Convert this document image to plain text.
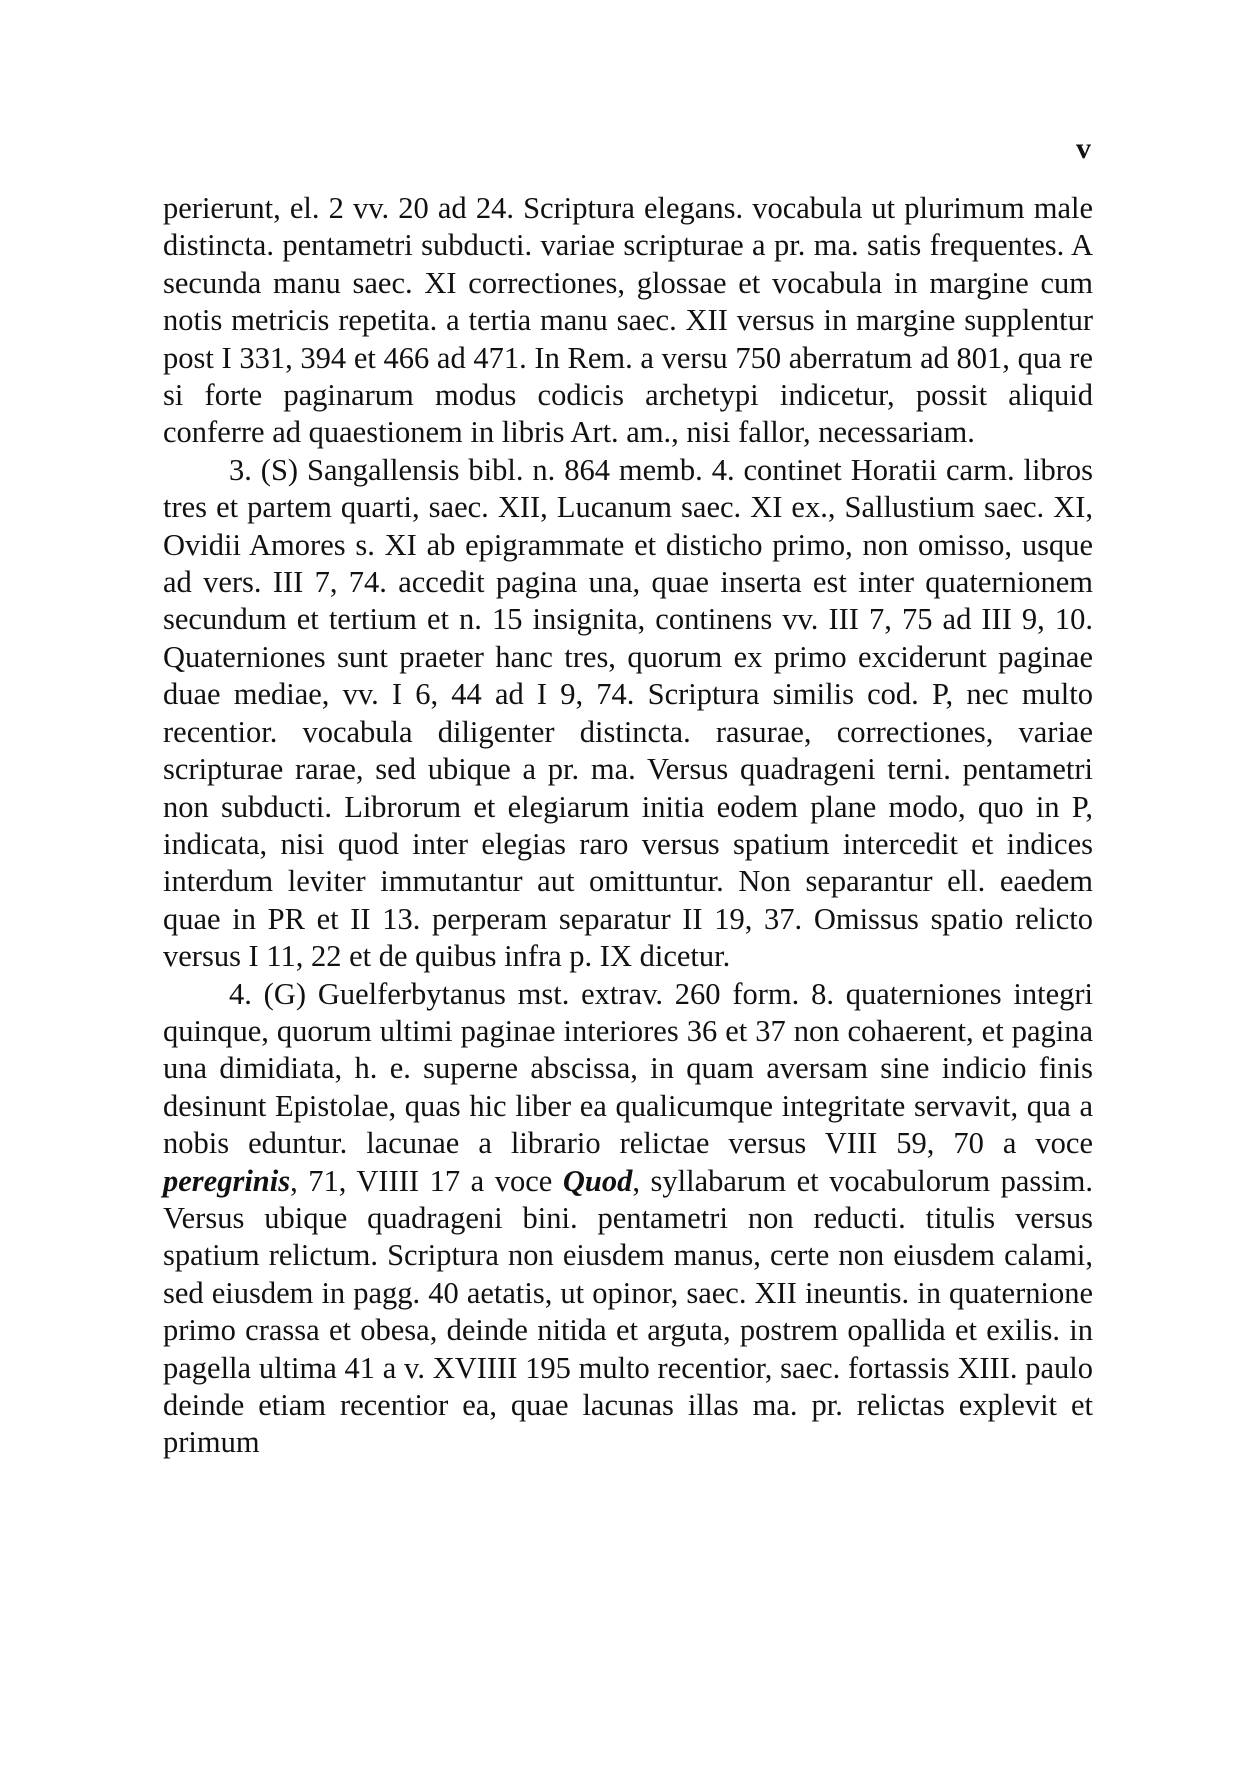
v

perierunt, el. 2 vv. 20 ad 24. Scriptura elegans. vocabula ut plurimum male distincta. pentametri subducti. variae scripturae a pr. ma. satis frequentes. A secunda manu saec. XI correctiones, glossae et vocabula in margine cum notis metricis repetita. a tertia manu saec. XII versus in margine supplentur post I 331, 394 et 466 ad 471. In Rem. a versu 750 aberratum ad 801, qua re si forte paginarum modus codicis archetypi indicetur, possit aliquid conferre ad quaestionem in libris Art. am., nisi fallor, necessariam.

3. (S) Sangallensis bibl. n. 864 memb. 4. continet Horatii carm. libros tres et partem quarti, saec. XII, Lucanum saec. XI ex., Sallustium saec. XI, Ovidii Amores s. XI ab epigrammate et disticho primo, non omisso, usque ad vers. III 7, 74. accedit pagina una, quae inserta est inter quaternionem secundum et tertium et n. 15 insignita, continens vv. III 7, 75 ad III 9, 10. Quaterniones sunt praeter hanc tres, quorum ex primo exciderunt paginae duae mediae, vv. I 6, 44 ad I 9, 74. Scriptura similis cod. P, nec multo recentior. vocabula diligenter distincta. rasurae, correctiones, variae scripturae rarae, sed ubique a pr. ma. Versus quadrageni terni. pentametri non subducti. Librorum et elegiarum initia eodem plane modo, quo in P, indicata, nisi quod inter elegias raro versus spatium intercedit et indices interdum leviter immutantur aut omittuntur. Non separantur ell. eaedem quae in PR et II 13. perperam separatur II 19, 37. Omissus spatio relicto versus I 11, 22 et de quibus infra p. IX dicetur.

4. (G) Guelferbytanus mst. extrav. 260 form. 8. quaterniones integri quinque, quorum ultimi paginae interiores 36 et 37 non cohaerent, et pagina una dimidiata, h. e. superne abscissa, in quam aversam sine indicio finis desinunt Epistolae, quas hic liber ea qualicumque integritate servavit, qua a nobis eduntur. lacunae a librario relictae versus VIII 59, 70 a voce peregrinis, 71, VIIII 17 a voce Quod, syllabarum et vocabulorum passim. Versus ubique quadrageni bini. pentametri non reducti. titulis versus spatium relictum. Scriptura non eiusdem manus, certe non eiusdem calami, sed eiusdem in pagg. 40 aetatis, ut opinor, saec. XII ineuntis. in quaternione primo crassa et obesa, deinde nitida et arguta, postrem opallida et exilis. in pagella ultima 41 a v. XVIIII 195 multo recentior, saec. fortassis XIII. paulo deinde etiam recentior ea, quae lacunas illas ma. pr. relictas explevit et primum
